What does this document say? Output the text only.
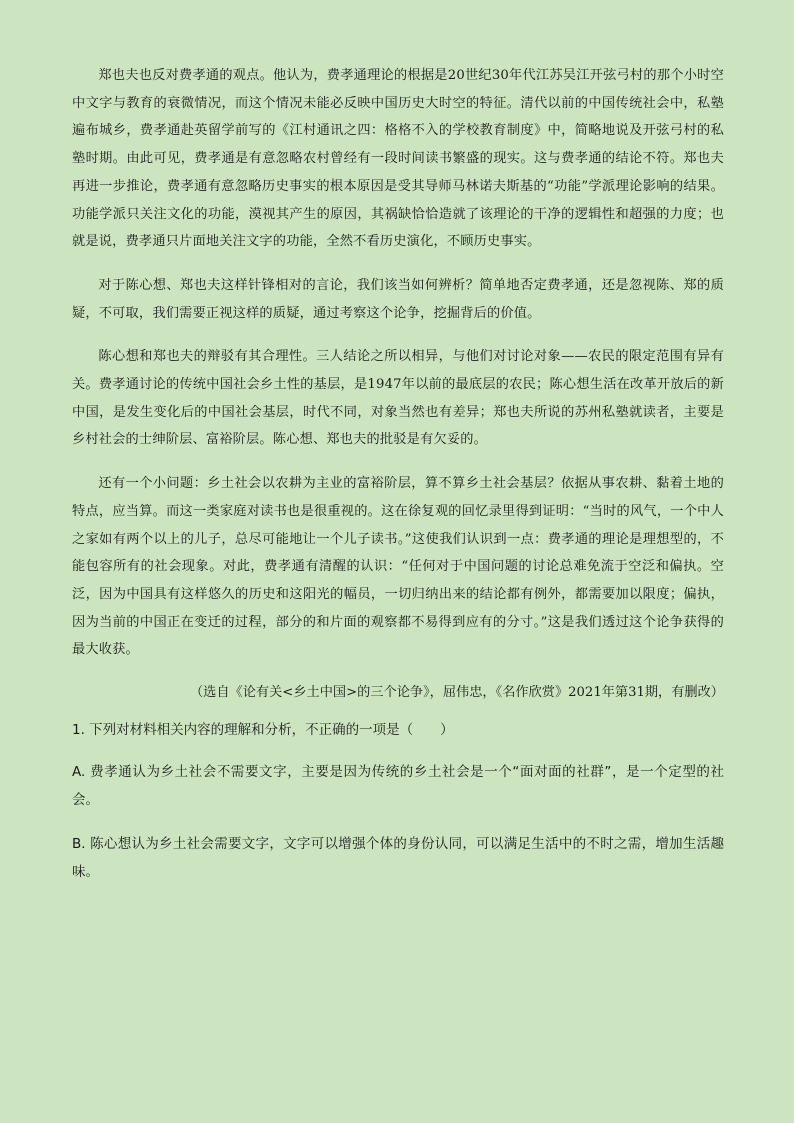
郑也夫也反对费孝通的观点。他认为，费孝通理论的根据是20世纪30年代江苏吴江开弦弓村的那个小时空中文字与教育的衰微情况，而这个情况未能必反映中国历史大时空的特征。清代以前的中国传统社会中，私塾遍布城乡，费孝通赴英留学前写的《江村通讯之四：格格不入的学校教育制度》中，简略地说及开弦弓村的私塾时期。由此可见，费孝通是有意忽略农村曾经有一段时间读书繁盛的现实。这与费孝通的结论不符。郑也夫再进一步推论，费孝通有意忽略历史事实的根本原因是受其导师马林诺夫斯基的“功能”学派理论影响的结果。功能学派只关注文化的功能，漠视其产生的原因，其祸缺恰恰造就了该理论的干净的逻辑性和超强的力度；也就是说，费孝通只片面地关注文字的功能，全然不看历史演化，不顾历史事实。

对于陈心想、郑也夫这样针锋相对的言论，我们该当如何辨析？简单地否定费孝通，还是忽视陈、郑的质疑，不可取，我们需要正视这样的质疑，通过考察这个论争，挖掘背后的价值。

陈心想和郑也夫的辩驳有其合理性。三人结论之所以相异，与他们对讨论对象——农民的限定范围有异有关。费孝通讨论的传统中国社会乡土性的基层，是1947年以前的最底层的农民；陈心想生活在改革开放后的新中国，是发生变化后的中国社会基层，时代不同，对象当然也有差异；郑也夫所说的苏州私塾就读者，主要是乡村社会的士绅阶层、富裕阶层。陈心想、郑也夫的批驳是有欠妥的。

还有一个小问题：乡土社会以农耕为主业的富裕阶层，算不算乡土社会基层？依据从事农耕、黏着土地的特点，应当算。而这一类家庭对读书也是很重视的。这在徐复观的回忆录里得到证明：“当时的风气，一个中人之家如有两个以上的儿子，总尽可能地让一个儿子读书。”这使我们认识到一点：费孝通的理论是理想型的，不能包容所有的社会现象。对此，费孝通有清醒的认识：“任何对于中国问题的讨论总难免流于空泛和偏执。空泛，因为中国具有这样悠久的历史和这阳光的幅员，一切归纳出来的结论都有例外，都需要加以限度；偏执，因为当前的中国正在变迁的过程，部分的和片面的观察都不易得到应有的分寸。”这是我们透过这个论争获得的最大收获。

（选自《论有关<乡土中国>的三个论争》，屈伟忠，《名作欣赏》2021年第31期，有删改）

1. 下列对材料相关内容的理解和分析，不正确的一项是（　　）

A. 费孝通认为乡土社会不需要文字，主要是因为传统的乡土社会是一个“面对面的社群”，是一个定型的社会。

B. 陈心想认为乡土社会需要文字，文字可以增强个体的身份认同，可以满足生活中的不时之需，增加生活趣味。
